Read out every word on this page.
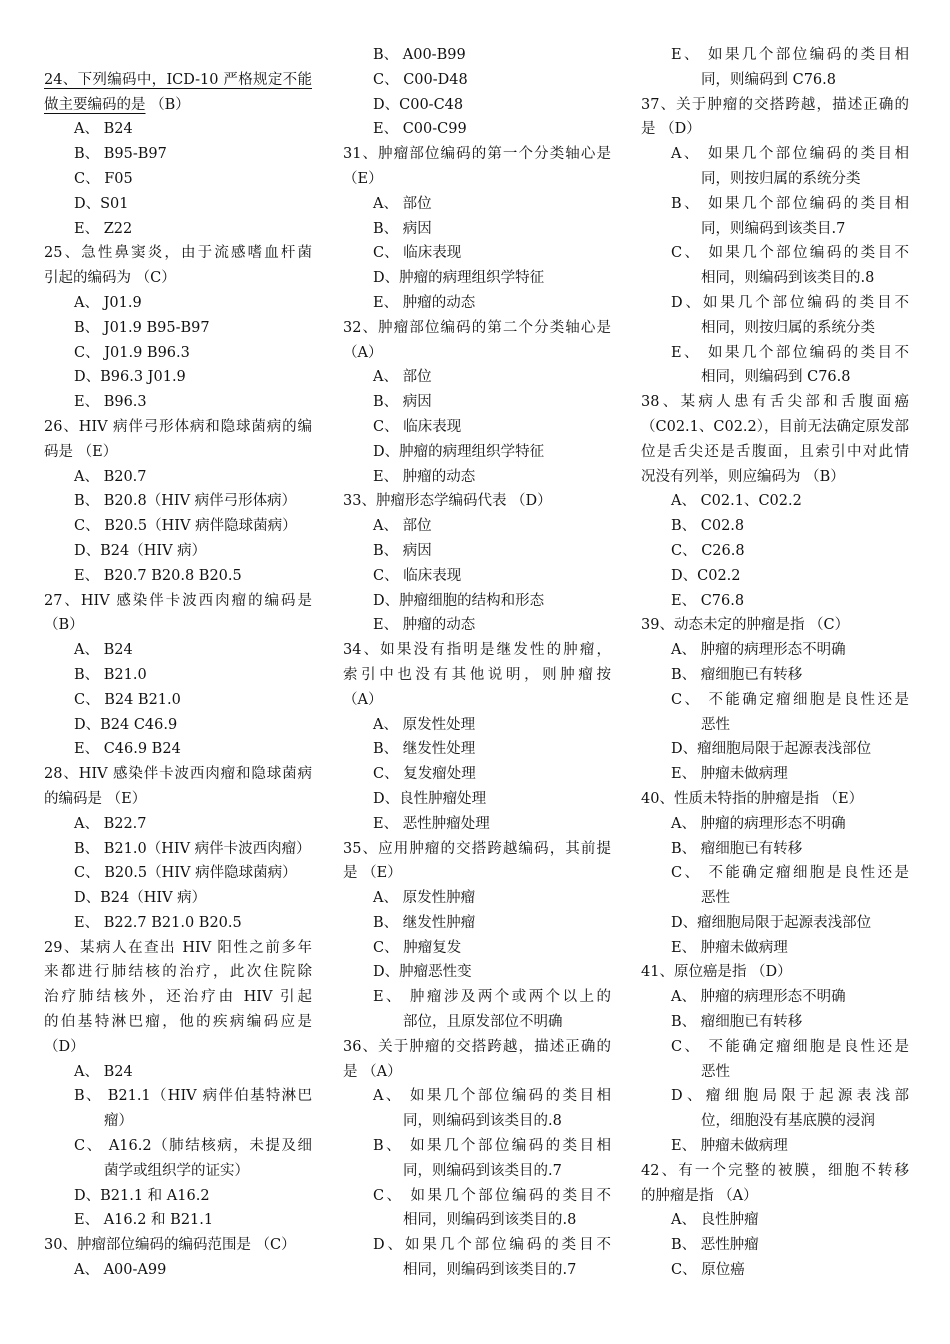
24、下列编码中，ICD-10 严格规定不能
做主要编码的是 （B）
A、 B24
B、 B95-B97
C、 F05
D、S01
E、 Z22
25、急性鼻窦炎，由于流感嗜血杆菌
引起的编码为 （C）
A、 J01.9
B、 J01.9 B95-B97
C、 J01.9 B96.3
D、B96.3 J01.9
E、 B96.3
26、HIV 病伴弓形体病和隐球菌病的编
码是 （E）
A、 B20.7
B、 B20.8（HIV 病伴弓形体病）
C、 B20.5（HIV 病伴隐球菌病）
D、B24（HIV 病）
E、 B20.7 B20.8 B20.5
27、HIV 感染伴卡波西肉瘤的编码是
（B）
A、 B24
B、 B21.0
C、 B24 B21.0
D、B24 C46.9
E、 C46.9 B24
28、HIV 感染伴卡波西肉瘤和隐球菌病
的编码是 （E）
A、 B22.7
B、 B21.0（HIV 病伴卡波西肉瘤）
C、 B20.5（HIV 病伴隐球菌病）
D、B24（HIV 病）
E、 B22.7 B21.0 B20.5
29、某病人在查出 HIV 阳性之前多年
来都进行肺结核的治疗，此次住院除
治疗肺结核外，还治疗由 HIV 引起
的伯基特淋巴瘤，他的疾病编码应是
（D）
A、 B24
B、 B21.1（HIV 病伴伯基特淋巴
瘤）
C、 A16.2（肺结核病，未提及细
菌学或组织学的证实）
D、B21.1 和 A16.2
E、 A16.2 和 B21.1
30、肿瘤部位编码的编码范围是 （C）
A、 A00-A99
B、 A00-B99
C、 C00-D48
D、C00-C48
E、 C00-C99
31、肿瘤部位编码的第一个分类轴心是
（E）
A、 部位
B、 病因
C、 临床表现
D、肿瘤的病理组织学特征
E、 肿瘤的动态
32、肿瘤部位编码的第二个分类轴心是
（A）
A、 部位
B、 病因
C、 临床表现
D、肿瘤的病理组织学特征
E、 肿瘤的动态
33、肿瘤形态学编码代表 （D）
A、 部位
B、 病因
C、 临床表现
D、肿瘤细胞的结构和形态
E、 肿瘤的动态
34、如果没有指明是继发性的肿瘤，
索引中也没有其他说明，则肿瘤按
（A）
A、 原发性处理
B、 继发性处理
C、 复发瘤处理
D、良性肿瘤处理
E、 恶性肿瘤处理
35、应用肿瘤的交搭跨越编码，其前提
是 （E）
A、 原发性肿瘤
B、 继发性肿瘤
C、 肿瘤复发
D、肿瘤恶性变
E、 肿瘤涉及两个或两个以上的
部位，且原发部位不明确
36、关于肿瘤的交搭跨越，描述正确的
是 （A）
A、 如果几个部位编码的类目相
同，则编码到该类目的.8
B、 如果几个部位编码的类目相
同，则编码到该类目的.7
C、 如果几个部位编码的类目不
相同，则编码到该类目的.8
D、如果几个部位编码的类目不
相同，则编码到该类目的.7
E、 如果几个部位编码的类目相
同，则编码到 C76.8
37、关于肿瘤的交搭跨越，描述正确的
是 （D）
A、 如果几个部位编码的类目相
同，则按归属的系统分类
B、 如果几个部位编码的类目相
同，则编码到该类目.7
C、 如果几个部位编码的类目不
相同，则编码到该类目的.8
D、如果几个部位编码的类目不
相同，则按归属的系统分类
E、 如果几个部位编码的类目不
相同，则编码到 C76.8
38、某病人患有舌尖部和舌腹面癌
（C02.1、C02.2），目前无法确定原发部
位是舌尖还是舌腹面，且索引中对此情
况没有列举，则应编码为 （B）
A、 C02.1、C02.2
B、 C02.8
C、 C26.8
D、C02.2
E、 C76.8
39、动态未定的肿瘤是指 （C）
A、 肿瘤的病理形态不明确
B、 瘤细胞已有转移
C、 不能确定瘤细胞是良性还是
恶性
D、瘤细胞局限于起源表浅部位
E、 肿瘤未做病理
40、性质未特指的肿瘤是指 （E）
A、 肿瘤的病理形态不明确
B、 瘤细胞已有转移
C、 不能确定瘤细胞是良性还是
恶性
D、瘤细胞局限于起源表浅部位
E、 肿瘤未做病理
41、原位癌是指 （D）
A、 肿瘤的病理形态不明确
B、 瘤细胞已有转移
C、 不能确定瘤细胞是良性还是
恶性
D、瘤细胞局限于起源表浅部
位，细胞没有基底膜的浸润
E、 肿瘤未做病理
42、有一个完整的被膜，细胞不转移
的肿瘤是指 （A）
A、 良性肿瘤
B、 恶性肿瘤
C、 原位癌
